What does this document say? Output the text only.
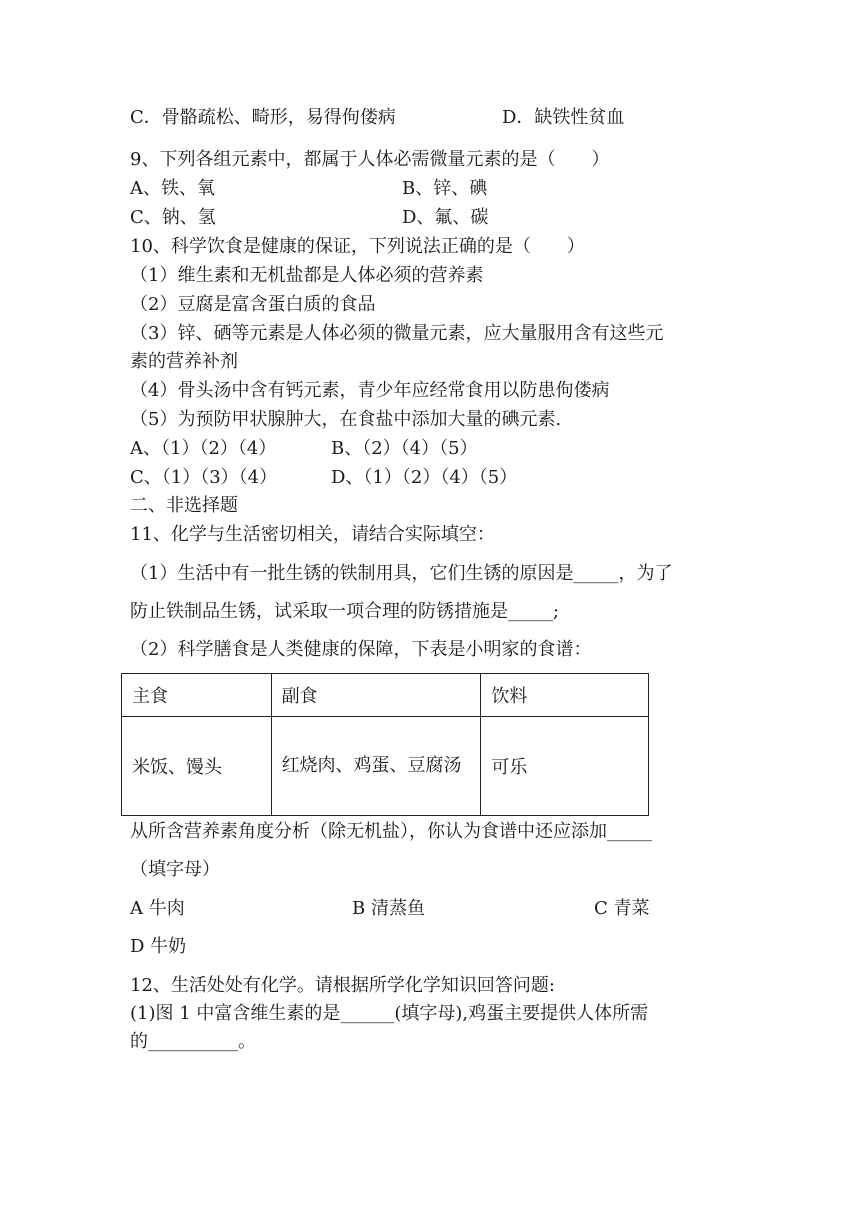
C．骨骼疏松、畸形，易得佝偻病	D．缺铁性贫血
9、下列各组元素中，都属于人体必需微量元素的是（　　）
A、铁、氧	B、锌、碘
C、钠、氢	D、氟、碳
10、科学饮食是健康的保证，下列说法正确的是（　　）
（1）维生素和无机盐都是人体必须的营养素
（2）豆腐是富含蛋白质的食品
（3）锌、硒等元素是人体必须的微量元素，应大量服用含有这些元
素的营养补剂
（4）骨头汤中含有钙元素，青少年应经常食用以防患佝偻病
（5）为预防甲状腺肿大，在食盐中添加大量的碘元素.
A、（1）（2）（4）	B、（2）（4）（5）
C、（1）（3）（4）	D、（1）（2）（4）（5）
二、非选择题
11、化学与生活密切相关，请结合实际填空：
（1）生活中有一批生锈的铁制用具，它们生锈的原因是_____，为了
防止铁制品生锈，试采取一项合理的防锈措施是_____;
（2）科学膳食是人类健康的保障，下表是小明家的食谱：
主食	副食	饮料
米饭、馒头	红烧肉、鸡蛋、豆腐汤	可乐
从所含营养素角度分析（除无机盐），你认为食谱中还应添加_____
（填字母）
A 牛肉	B 清蒸鱼	C 青菜
D 牛奶
12、生活处处有化学。请根据所学化学知识回答问题:
(1)图 1 中富含维生素的是______(填字母),鸡蛋主要提供人体所需
的__________。
